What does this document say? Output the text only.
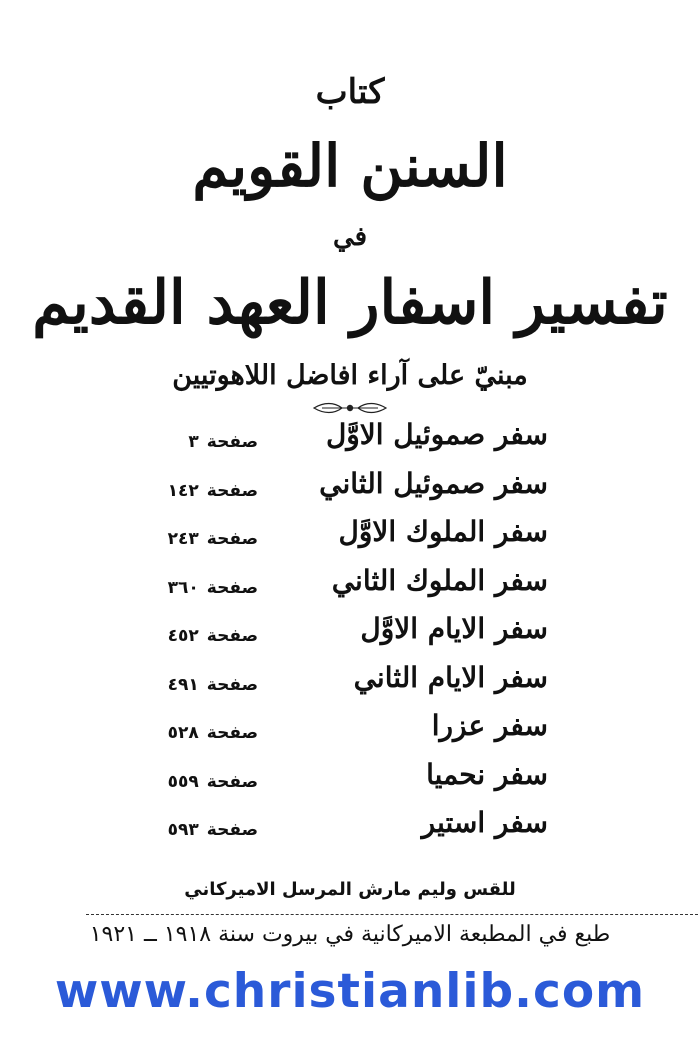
كتاب
السنن القويم
في
تفسير اسفار العهد القديم
مبنيّ على آراء افاضل اللاهوتيين
سفر صموئيل الاوَّل
صفحة٣
سفر صموئيل الثاني
صفحة١٤٢
سفر الملوك الاوَّل
صفحة٢٤٣
سفر الملوك الثاني
صفحة٣٦٠
سفر الايام الاوَّل
صفحة٤٥٢
سفر الايام الثاني
صفحة٤٩١
سفر عزرا
صفحة٥٢٨
سفر نحميا
صفحة٥٥٩
سفر استير
صفحة٥٩٣
للقس وليم مارش المرسل الاميركاني
طبع في المطبعة الاميركانية في بيروت سنة ١٩١٨ ــ ١٩٢١
www.christianlib.com
